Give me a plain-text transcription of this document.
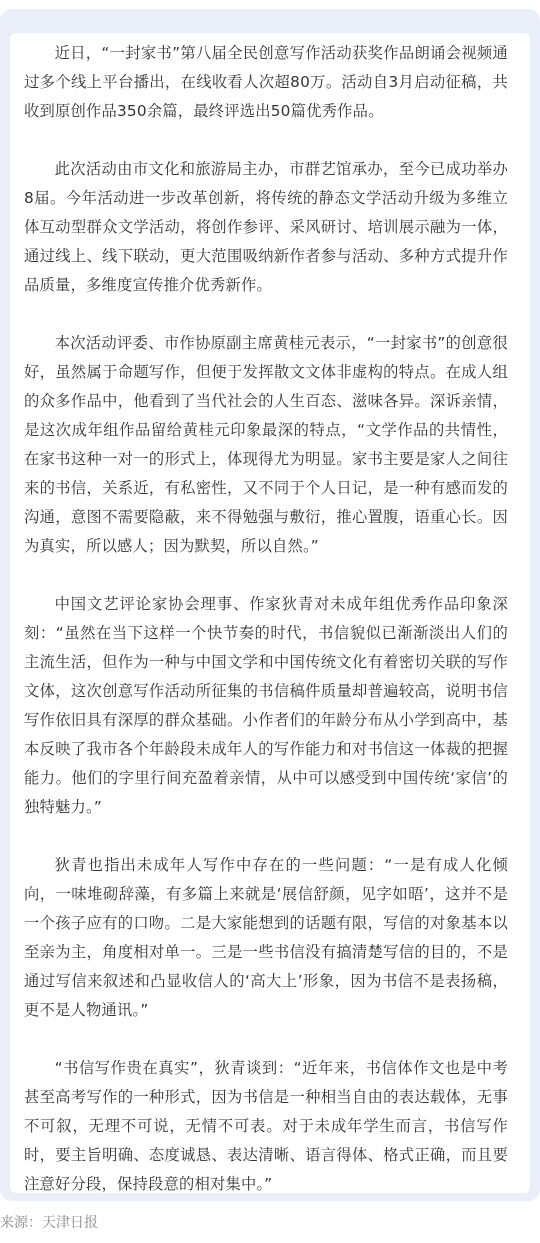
近日，“一封家书”第八届全民创意写作活动获奖作品朗诵会视频通过多个线上平台播出，在线收看人次超80万。活动自3月启动征稿，共收到原创作品350余篇，最终评选出50篇优秀作品。

此次活动由市文化和旅游局主办，市群艺馆承办，至今已成功举办8届。今年活动进一步改革创新，将传统的静态文学活动升级为多维立体互动型群众文学活动，将创作参评、采风研讨、培训展示融为一体，通过线上、线下联动，更大范围吸纳新作者参与活动、多种方式提升作品质量，多维度宣传推介优秀新作。

本次活动评委、市作协原副主席黄桂元表示，“一封家书”的创意很好，虽然属于命题写作，但便于发挥散文文体非虚构的特点。在成人组的众多作品中，他看到了当代社会的人生百态、滋味各异。深诉亲情，是这次成年组作品留给黄桂元印象最深的特点，“文学作品的共情性，在家书这种一对一的形式上，体现得尤为明显。家书主要是家人之间往来的书信，关系近，有私密性，又不同于个人日记，是一种有感而发的沟通，意图不需要隐蔽，来不得勉强与敷衍，推心置腹，语重心长。因为真实，所以感人；因为默契，所以自然。”

中国文艺评论家协会理事、作家狄青对未成年组优秀作品印象深刻：“虽然在当下这样一个快节奏的时代，书信貌似已渐渐淡出人们的主流生活，但作为一种与中国文学和中国传统文化有着密切关联的写作文体，这次创意写作活动所征集的书信稿件质量却普遍较高，说明书信写作依旧具有深厚的群众基础。小作者们的年龄分布从小学到高中，基本反映了我市各个年龄段未成年人的写作能力和对书信这一体裁的把握能力。他们的字里行间充盈着亲情，从中可以感受到中国传统‘家信’的独特魅力。”

狄青也指出未成年人写作中存在的一些问题：“一是有成人化倾向，一味堆砌辞藻，有多篇上来就是‘展信舒颜，见字如晤’，这并不是一个孩子应有的口吻。二是大家能想到的话题有限，写信的对象基本以至亲为主，角度相对单一。三是一些书信没有搞清楚写信的目的，不是通过写信来叙述和凸显收信人的‘高大上’形象，因为书信不是表扬稿，更不是人物通讯。”

“书信写作贵在真实”，狄青谈到：“近年来，书信体作文也是中考甚至高考写作的一种形式，因为书信是一种相当自由的表达载体，无事不可叙，无理不可说，无情不可表。对于未成年学生而言，书信写作时，要主旨明确、态度诚恳、表达清晰、语言得体、格式正确，而且要注意好分段，保持段意的相对集中。”

来源：天津日报
